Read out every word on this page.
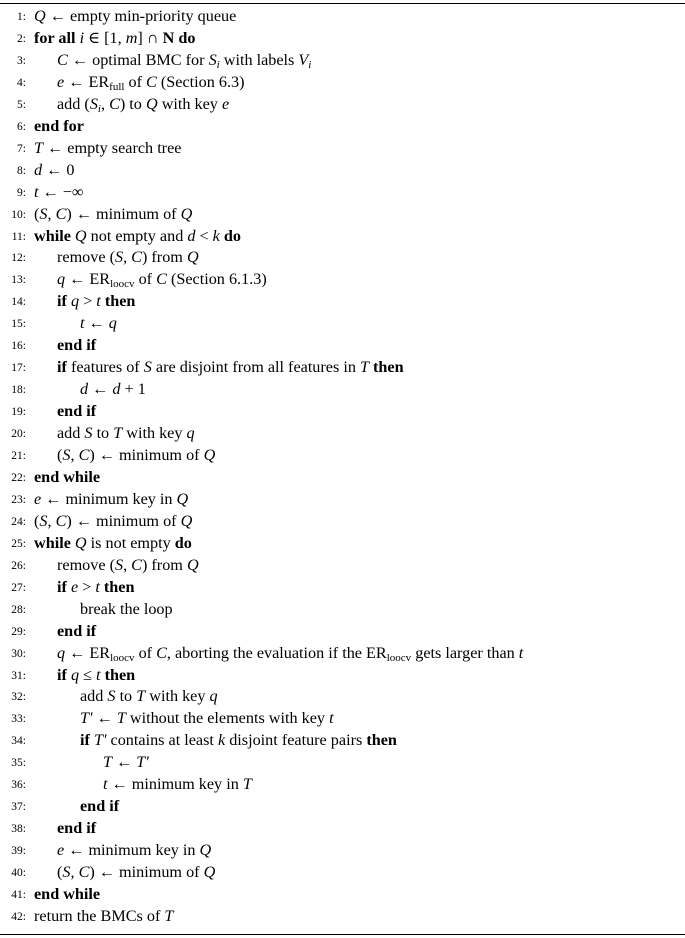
1: Q ← empty min-priority queue
2: for all i ∈ [1, m] ∩ N do
3: C ← optimal BMC for $S_i$ with labels $V_i$
4: e ← $ER_{full}$ of C (Section 6.3)
5: add ($S_i$, C) to Q with key e
6: end for
7: T ← empty search tree
8: d ← 0
9: t ← −∞
10: (S, C) ← minimum of Q
11: while Q not empty and d < k do
12: remove (S, C) from Q
13: q ← $ER_{loocv}$ of C (Section 6.1.3)
14: if q > t then
15:	t ← q
16: end if
17: if features of S are disjoint from all features in T then
18:	d ← d + 1
19: end if
20: add S to T with key q
21: (S, C) ← minimum of Q
22: end while
23: e ← minimum key in Q
24: (S, C) ← minimum of Q
25: while Q is not empty do
26: remove (S, C) from Q
27: if e > t then
28:	break the loop
29: end if
30: q ← $ER_{loocv}$ of C, aborting the evaluation if the $ER_{loocv}$ gets larger than t
31: if q ≤ t then
32:	add S to T with key q
33:	T′ ← T without the elements with key t
34:	if T′ contains at least k disjoint feature pairs then
35:	T ← T′
36:	t ← minimum key in T
37:	end if
38: end if
39: e ← minimum key in Q
40: (S, C) ← minimum of Q
41: end while
42: return the BMCs of T
